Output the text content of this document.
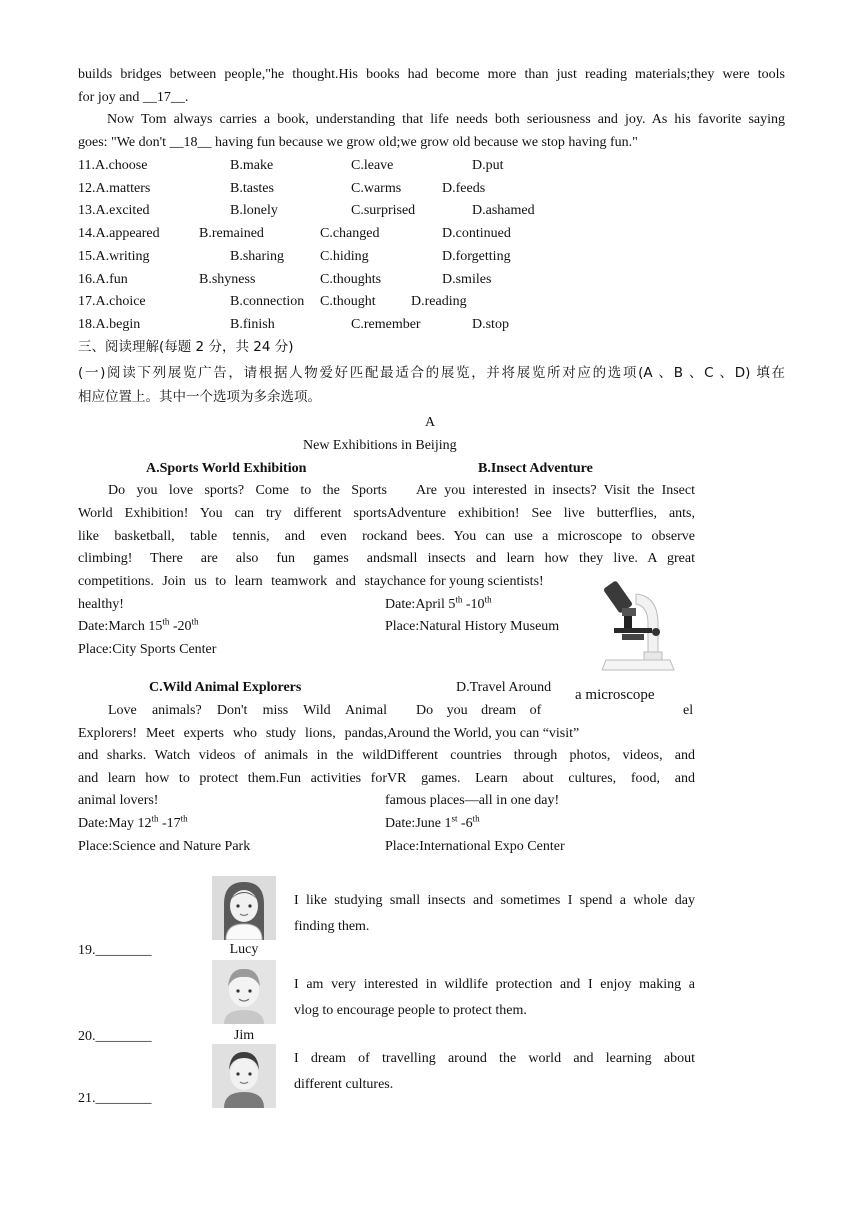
builds bridges between people,"he thought.His books had become more than just reading materials;they were tools
for joy and __17__.
Now Tom always carries a book, understanding that life needs both seriousness and joy. As his favorite saying
goes: "We don't __18__ having fun because we grow old;we grow old because we stop having fun."
11.A.choose	B.make	C.leave	D.put
12.A.matters	B.tastes	C.warms	D.feeds
13.A.excited	B.lonely	C.surprised	D.ashamed
14.A.appeared	B.remained	C.changed	D.continued
15.A.writing	B.sharing	C.hiding	D.forgetting
16.A.fun	B.shyness	C.thoughts	D.smiles
17.A.choice	B.connection C.thought	D.reading
18.A.begin	B.finish	C.remember	D.stop
三、阅读理解(每题 2 分，共 24 分)
(一)阅读下列展览广告，请根据人物爱好匹配最适合的展览，并将展览所对应的选项(A 、B 、C 、D) 填在
相应位置上。其中一个选项为多余选项。
A
New Exhibitions in Beijing
A.Sports World Exhibition
Do you love sports? Come to the Sports
World Exhibition! You can try different sports
like basketball, table tennis, and even rock
climbing! There are also fun games and
competitions. Join us to learn teamwork and stay
healthy!
Date:March 15th -20th
Place:City Sports Center
B.Insect Adventure
Are you interested in insects? Visit the Insect
Adventure exhibition! See live butterflies, ants,
and bees. You can use a microscope to observe
small insects and learn how they live. A great
chance for young scientists!
Date:April 5th -10th
Place:Natural History Museum
a microscope
C.Wild Animal Explorers
Love animals? Don't miss Wild Animal
Explorers! Meet experts who study lions, pandas,
and sharks. Watch videos of animals in the wild
and learn how to protect them.Fun activities for
animal lovers!
Date:May 12th -17th
Place:Science and Nature Park
D.Travel Around
Do you dream of	el
Around the World, you can “visit”
Different countries through photos, videos, and
VR games. Learn about cultures, food, and
famous places—all in one day!
Date:June 1st -6th
Place:International Expo Center
Lucy
I like studying small insects and sometimes I spend a whole day
finding them.
19.________
Jim
I am very interested in wildlife protection and I enjoy making a
vlog to encourage people to protect them.
20.________
I dream of travelling around the world and learning about
different cultures.
21.________
